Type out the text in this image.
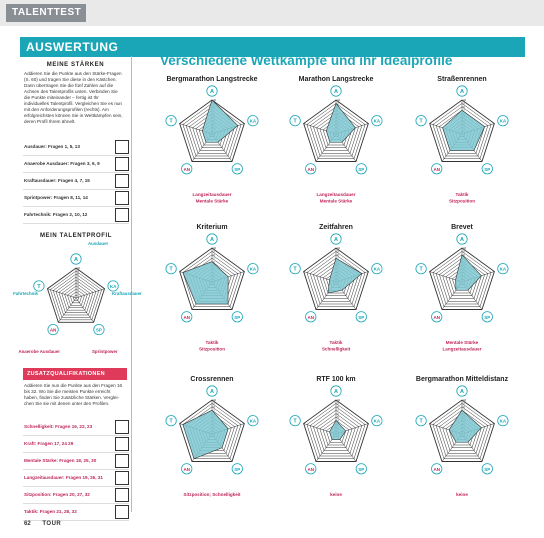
TALENTTEST
AUSWERTUNG
MEINE STÄRKEN
Addieren Sie die Punkte aus den Stärke-Fragen (S. 60) und tragen Sie diese in den Kästchen. Dann übertragen Sie die fünf Zahlen auf die Achsen des Talentprofils unten. Verbinden Sie die Punkte miteinander – fertig ist Ihr individuelles Talentprofil. Vergleichen Sie es nun mit den Anforderungsprofilen (rechts). Am erfolgreichsten können Sie in Wettkämpfen sein, deren Profil Ihrem ähnelt.
Ausdauer: Fragen 1, 5, 13
Anaerobe Ausdauer: Fragen 3, 6, 9
Kraftausdauer: Fragen 4, 7, 15
Sprintpower: Fragen 8, 11, 14
Fahrtechnik: Fragen 2, 10, 12
MEIN TALENTPROFIL
1
2
3
4
5
6
7
8
9
10
A
KA
SP
AN
T
Ausdauer
Kraftausdauer
Sprintpower
Anaerobe Ausdauer
Fahrtechnik
ZUSATZQUALIFIKATIONEN
Addieren Sie nun die Punkte aus den Fragen 16 bis 32. Wo Sie die meisten Punkte erreicht haben, finden Sie zusätzliche Stärken. Vergleichen Sie sie mit denen unter den Profilen.
Schnelligkeit: Fragen 16, 22, 23
Kraft: Fragen 17, 24 29
Mentale Stärke: Fragen 18, 25, 30
Langzeitausdauer: Fragen 19, 26, 31
Sitzposition: Fragen 20, 27, 32
Taktik: Fragen 21, 28, 32
Verschiedene Wettkämpfe und ihr Idealprofile
Bergmarathon Langstrecke
10
A
KA
SP
AN
T
Langzeitausdauer
Mentale Stärke
Marathon Langstrecke
9
10
A
KA
SP
AN
T
Langzeitausdauer
Mentale Stärke
Straßenrennen
7
8
9
10
A
KA
SP
AN
T
Taktik
Sitzposition
Kriterium
6
7
8
9
10
A
KA
SP
AN
T
Taktik
Sitzposition
Zeitfahren
7
8
9
10
A
KA
SP
AN
T
Taktik
Schnelligkeit
Brevet
8
9
10
A
KA
SP
AN
T
Mentale Stärke
Langzeitausdauer
Crossrennen
7
8
9
10
A
KA
SP
AN
T
Sitzposition; Schnelligkeit
RTF 100 km
4
5
6
7
8
9
10
A
KA
SP
AN
T
keine
Bergmarathon Mitteldistanz
7
8
9
10
A
KA
SP
AN
T
keine
62 TOUR
